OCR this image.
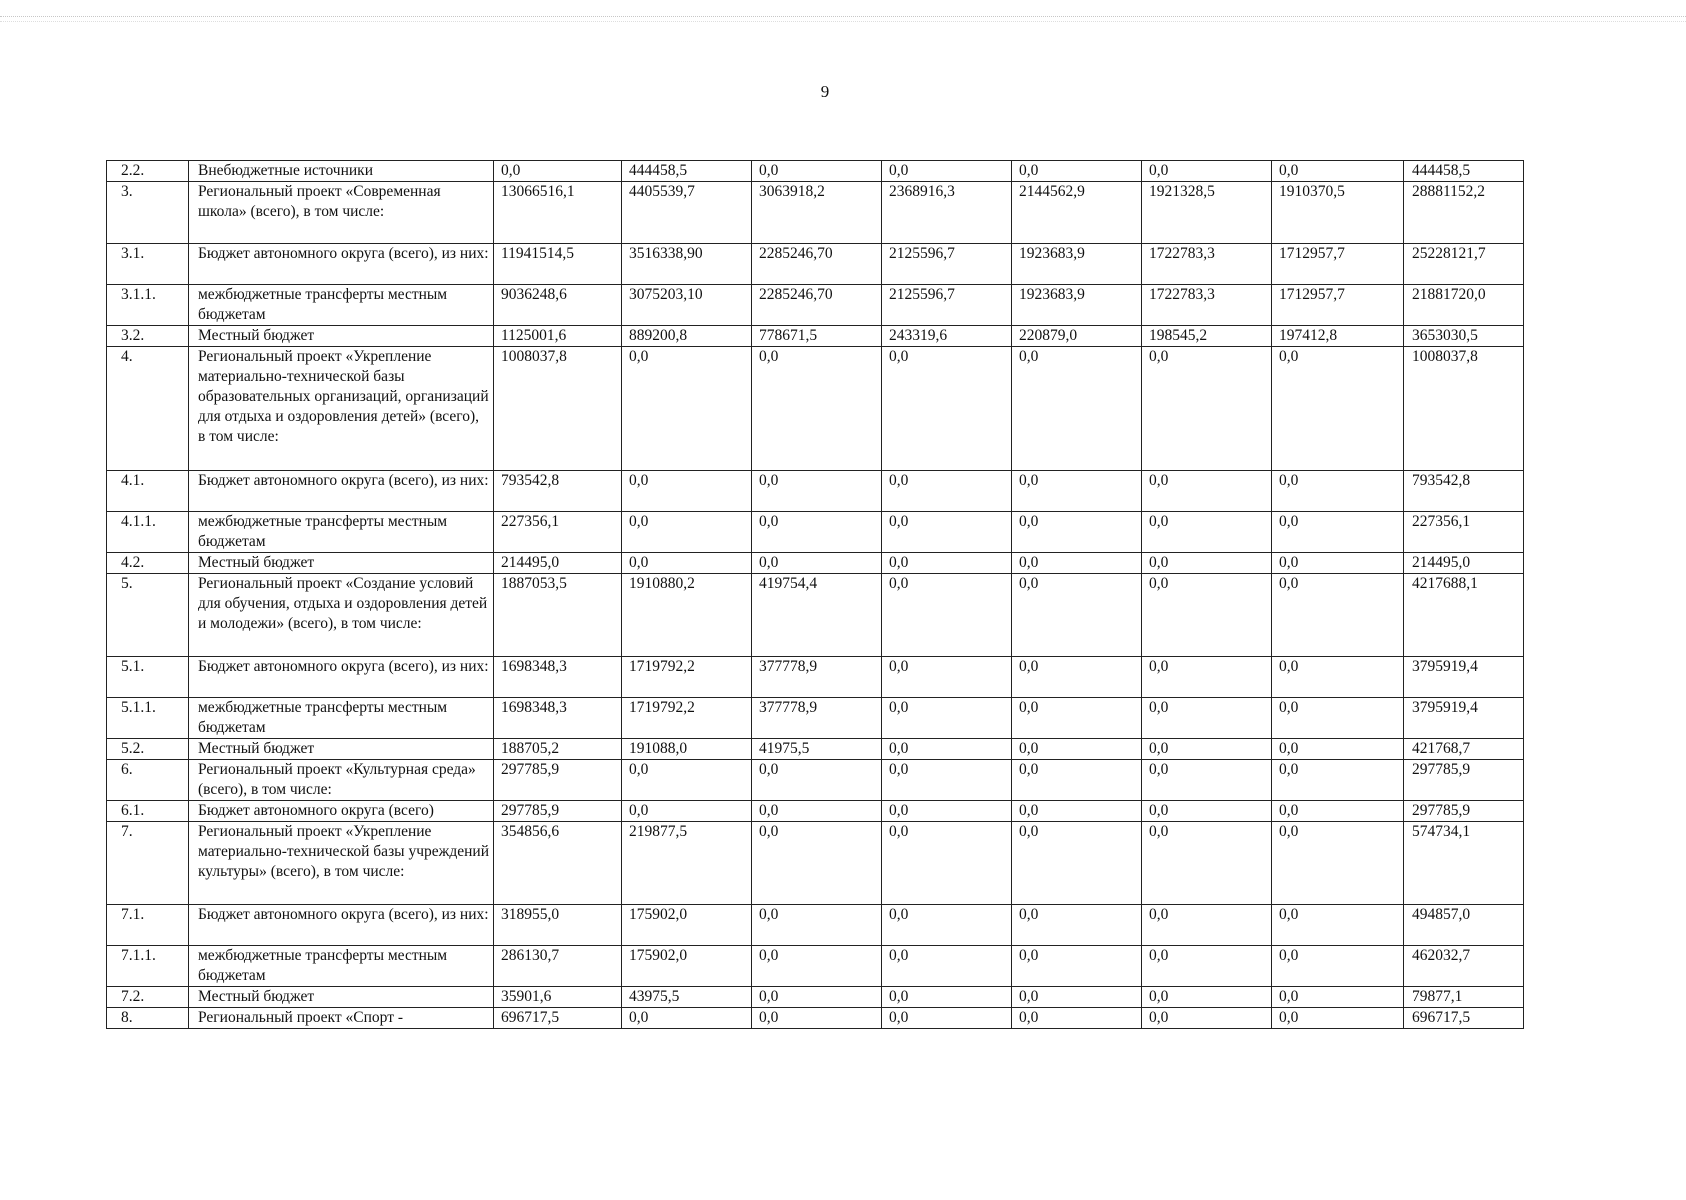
9
2.2.	Внебюджетные источники	0,0	444458,5	0,0	0,0	0,0	0,0	0,0	444458,5
3.	Региональный проект «Современная школа» (всего), в том числе:	13066516,1	4405539,7	3063918,2	2368916,3	2144562,9	1921328,5	1910370,5	28881152,2
3.1.	Бюджет автономного округа (всего), из них:	11941514,5	3516338,90	2285246,70	2125596,7	1923683,9	1722783,3	1712957,7	25228121,7
3.1.1.	межбюджетные трансферты местным бюджетам	9036248,6	3075203,10	2285246,70	2125596,7	1923683,9	1722783,3	1712957,7	21881720,0
3.2.	Местный бюджет	1125001,6	889200,8	778671,5	243319,6	220879,0	198545,2	197412,8	3653030,5
4.	Региональный проект «Укрепление материально-технической базы образовательных организаций, организаций для отдыха и оздоровления детей» (всего), в том числе:	1008037,8	0,0	0,0	0,0	0,0	0,0	0,0	1008037,8
4.1.	Бюджет автономного округа (всего), из них:	793542,8	0,0	0,0	0,0	0,0	0,0	0,0	793542,8
4.1.1.	межбюджетные трансферты местным бюджетам	227356,1	0,0	0,0	0,0	0,0	0,0	0,0	227356,1
4.2.	Местный бюджет	214495,0	0,0	0,0	0,0	0,0	0,0	0,0	214495,0
5.	Региональный проект «Создание условий для обучения, отдыха и оздоровления детей и молодежи» (всего), в том числе:	1887053,5	1910880,2	419754,4	0,0	0,0	0,0	0,0	4217688,1
5.1.	Бюджет автономного округа (всего), из них:	1698348,3	1719792,2	377778,9	0,0	0,0	0,0	0,0	3795919,4
5.1.1.	межбюджетные трансферты местным бюджетам	1698348,3	1719792,2	377778,9	0,0	0,0	0,0	0,0	3795919,4
5.2.	Местный бюджет	188705,2	191088,0	41975,5	0,0	0,0	0,0	0,0	421768,7
6.	Региональный проект «Культурная среда» (всего), в том числе:	297785,9	0,0	0,0	0,0	0,0	0,0	0,0	297785,9
6.1.	Бюджет автономного округа (всего)	297785,9	0,0	0,0	0,0	0,0	0,0	0,0	297785,9
7.	Региональный проект «Укрепление материально-технической базы учреждений культуры» (всего), в том числе:	354856,6	219877,5	0,0	0,0	0,0	0,0	0,0	574734,1
7.1.	Бюджет автономного округа (всего), из них:	318955,0	175902,0	0,0	0,0	0,0	0,0	0,0	494857,0
7.1.1.	межбюджетные трансферты местным бюджетам	286130,7	175902,0	0,0	0,0	0,0	0,0	0,0	462032,7
7.2.	Местный бюджет	35901,6	43975,5	0,0	0,0	0,0	0,0	0,0	79877,1
8.	Региональный проект «Спорт -	696717,5	0,0	0,0	0,0	0,0	0,0	0,0	696717,5
